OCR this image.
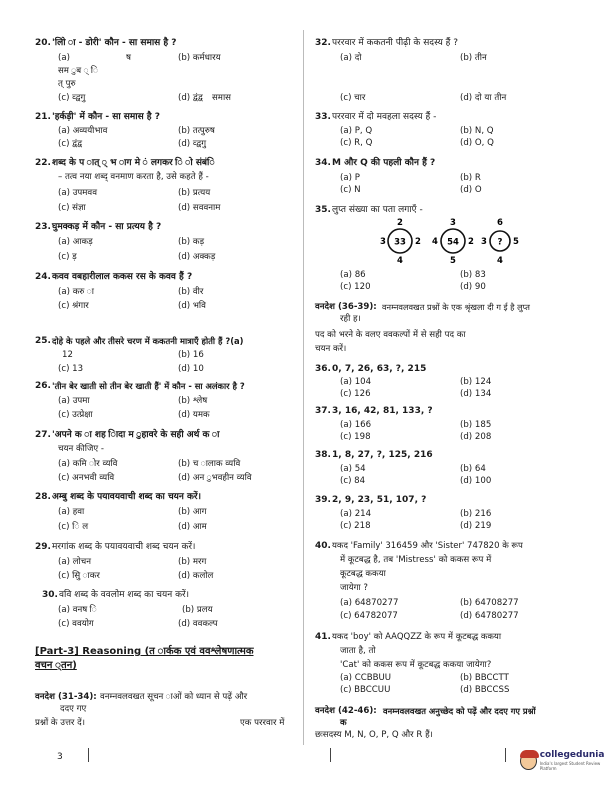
20. 'लोि ा - डोरी' कौन - सा समास है ?
(a)	ष	(b) कर्मधारय
सम ुब ् ि
त् पुरु
(c) व्द्वगु	(d) द्वंद्व समास
21. 'हर्कड़ी' में कौन - सा समास है ?
(a) अव्ययीभाव	(b) तत्पुरुष
(c) द्वंद्व	(d) व्द्वगु
22. शब्द के प ात् ् भ ाग मे ं लगकर ि ो संबंि
– तत्व नया शब्द् वनमाण करता है, उसे कहते हैं -
(a) उपमवव	(b) प्रत्यय
(c) संज्ञा	(d) सववनाम
23. घुमक्कड़ में कौन - सा प्रत्यय है ?
(a) आकड़	(b) कड़
(c) ड़	(d) अक्कड़
24. कवव वबहारीलाल ककस रस के कवव हैं ?
(a) करु ा	(b) वीर
(c) श्रंगार	(d) भवि
25. दोहे के पहले और तीसरे चरण में ककतनी मात्राएँ होती हैं ?(a)
12	(b) 16
(c) 13	(d) 10
26. 'तीन बेर खाती सो तीन बेर खाती हैं' में कौन - सा अलंकार है ?
(a) उपमा	(b) श्लेष
(c) उत्प्रेक्षा	(d) यमक
27. 'अपने क ा शह िादा म ुहावरे के सही अर्थ क ा
चयन कीजिए -
(a) कमि ोर व्यवि	(b) च ालाक व्यवि
(c) अनभवी व्यवि	(d) अन ुभवहीन व्यवि
28. अम्बु शब्द के पयावयवाची शब्द का चयन करें।
(a) हवा	(b) आग
(c) ि ल	(d) आम
29. मरगांक शब्द के पयावयवाची शब्द चयन करें।
(a) लोचन	(b) मरग
(c) सुि ाकर	(d) कलोल
30. ववि शब्द के ववलोम शब्द का चयन करें।
(a) वनष ि	(b) प्रलय
(c) ववयोग	(d) ववकल्प
[Part-3] Reasoning (त ार्कक एवं ववश्लेषणात्मक
वचन ्तन)
वनदेश (31-34): वनम्नवलवखत सूचन ाओं को ध्यान से पढ़ें और
ददए गए
प्रश्नों के उत्तर दें।	एक पररवार में
32. पररवार में ककतनी पीढ़ी के सदस्य हैं ?
(a) दो	(b) तीन
(c) चार	(d) दो या तीन
33. पररवार में दो मवहला सदस्य हैं -
(a) P, Q	(b) N, Q
(c) R, Q	(d) O, Q
34. M और Q की पहली कौन हैं ?
(a) P	(b) R
(c) N	(d) O
35. लुप्त संख्या का पता लगाएँ -
2
3 33 2
4
3
4 54 2
5
6
3 ? 5
4
(a) 86	(b) 83
(c) 120	(d) 90
वनदेश (36-39): वनम्नवलवखत प्रश्नों के एक श्रृंखला दी ग ई है लुप्त
रही ह।
पद को भरने के वलए ववकल्पों में से सही पद का
चयन करें।
36. 0, 7, 26, 63, ?, 215
(a) 104	(b) 124
(c) 126	(d) 134
37. 3, 16, 42, 81, 133, ?
(a) 166	(b) 185
(c) 198	(d) 208
38. 1, 8, 27, ?, 125, 216
(a) 54	(b) 64
(c) 84	(d) 100
39. 2, 9, 23, 51, 107, ?
(a) 214	(b) 216
(c) 218	(d) 219
40. यकद 'Family' 316459 और 'Sister' 747820 के रूप
में कूटबद्ध है, तब 'Mistress' को ककस रूप में
कूटबद्ध ककया
जायेगा ?
(a) 64870277	(b) 64708277
(c) 64782077	(d) 64780277
41. यकद 'boy' को AAQQZZ के रूप में कूटबद्ध ककया
जाता है, तो
'Cat' को ककस रूप में कूटबद्ध ककया जायेगा?
(a) CCBBUU	(b) BBCCTT
(c) BBCCUU	(d) BBCCSS
वनदेश (42-46): वनम्नवलवखत अनुच्छेद को पढ़ें और ददए गए प्रश्नों
क
छःसदस्य M, N, O, P, Q और R हैं।
3	collegedunia
India's largest Student Review Platform
